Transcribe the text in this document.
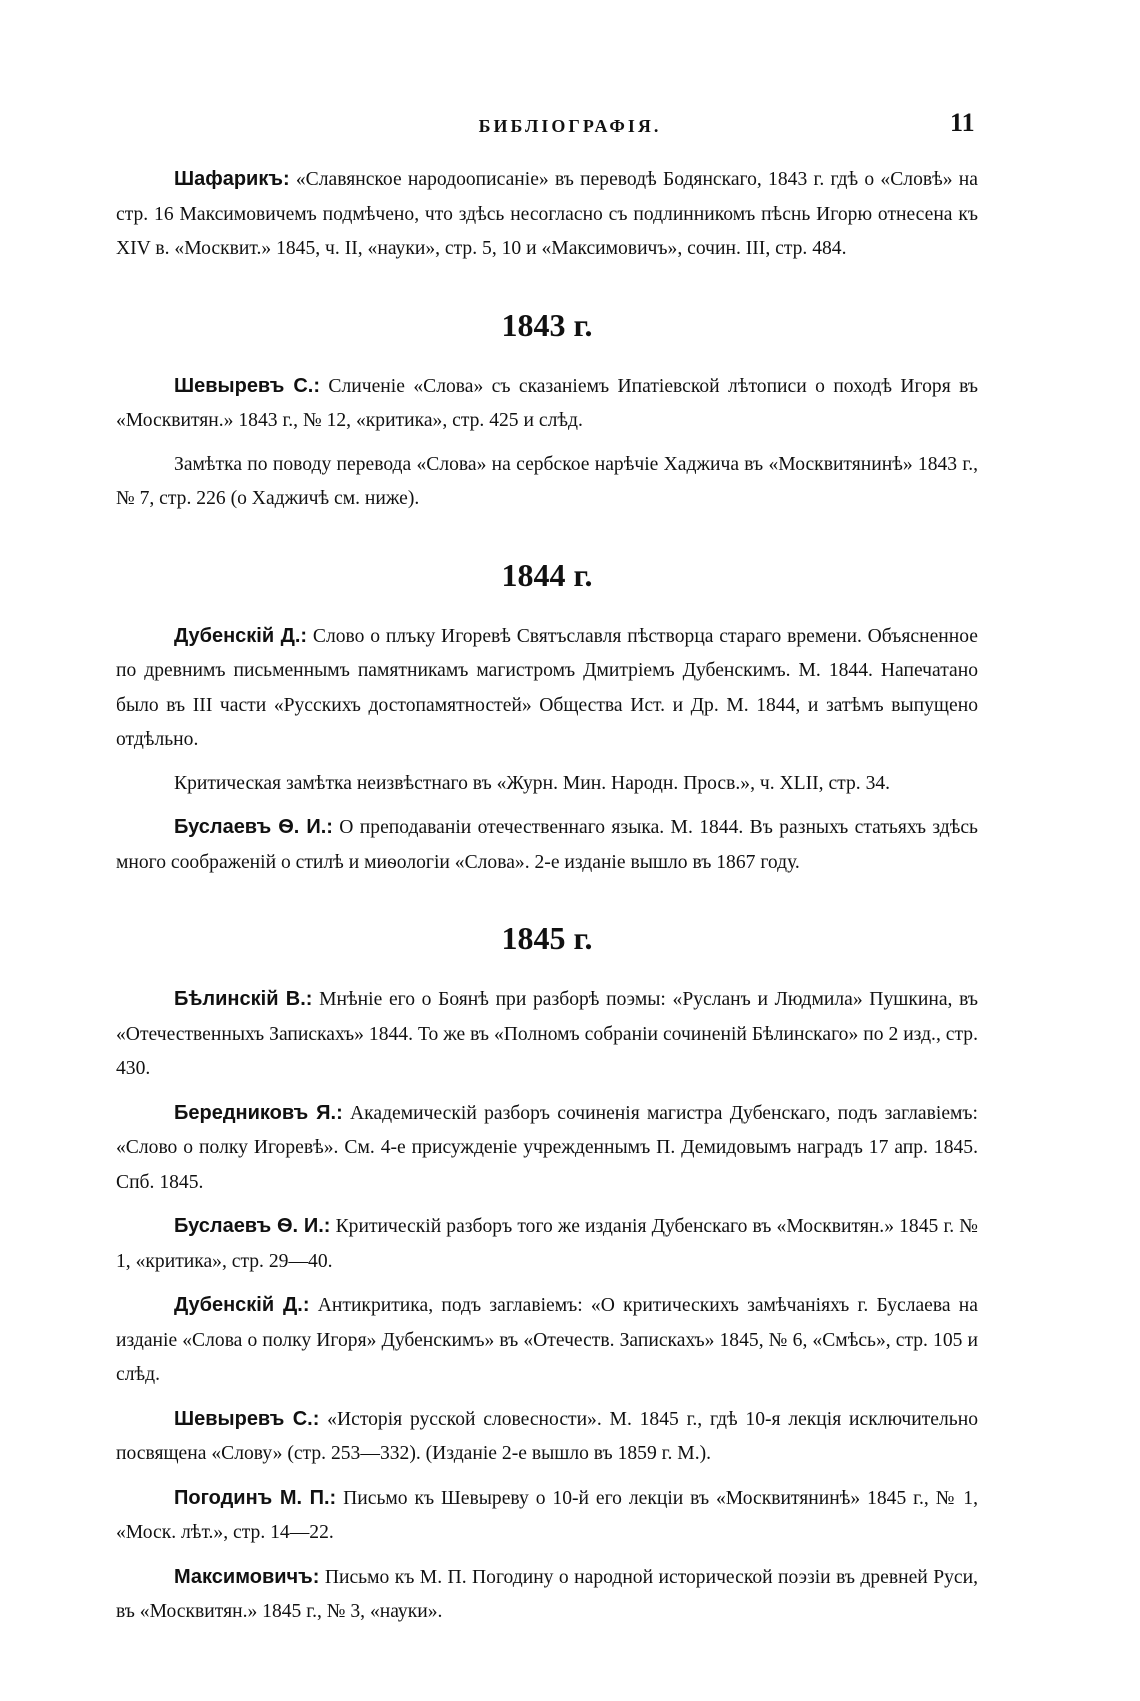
БИБЛIОГРАФIЯ.	11

Шафарикъ: «Славянское народоописанiе» въ переводѣ Бодянскаго, 1843 г. гдѣ о «Словѣ» на стр. 16 Максимовичемъ подмѣчено, что здѣсь несогласно съ подлинникомъ пѣснь Игорю отнесена къ XIV в. «Москвит.» 1845, ч. II, «науки», стр. 5, 10 и «Максимовичъ», сочин. III, стр. 484.

1843 г.

Шевыревъ С.: Сличенiе «Слова» съ сказанiемъ Ипатiевской лѣтописи о походѣ Игоря въ «Москвитян.» 1843 г., № 12, «критика», стр. 425 и слѣд.

Замѣтка по поводу перевода «Слова» на сербское нарѣчiе Хаджича въ «Москвитянинѣ» 1843 г., № 7, стр. 226 (о Хаджичѣ см. ниже).

1844 г.

Дубенскiй Д.: Слово о плъку Игоревѣ Святъславля пѣстворца стараго времени. Объясненное по древнимъ письменнымъ памятникамъ магистромъ Дмитрiемъ Дубенскимъ. М. 1844. Напечатано было въ III части «Русскихъ достопамятностей» Общества Ист. и Др. М. 1844, и затѣмъ выпущено отдѣльно.

Критическая замѣтка неизвѣстнаго въ «Журн. Мин. Народн. Просв.», ч. XLII, стр. 34.

Буслаевъ Ѳ. И.: О преподаванiи отечественнаго языка. М. 1844. Въ разныхъ статьяхъ здѣсь много соображенiй о стилѣ и миѳологiи «Слова». 2-е изданiе вышло въ 1867 году.

1845 г.

Бѣлинскiй В.: Мнѣнiе его о Боянѣ при разборѣ поэмы: «Русланъ и Людмила» Пушкина, въ «Отечественныхъ Запискахъ» 1844. То же въ «Полномъ собранiи сочиненiй Бѣлинскаго» по 2 изд., стр. 430.

Бередниковъ Я.: Академическiй разборъ сочиненiя магистра Дубенскаго, подъ заглавiемъ: «Слово о полку Игоревѣ». См. 4-е присужденiе учрежденнымъ П. Демидовымъ наградъ 17 апр. 1845. Спб. 1845.

Буслаевъ Ѳ. И.: Критическiй разборъ того же изданiя Дубенскаго въ «Москвитян.» 1845 г. № 1, «критика», стр. 29—40.

Дубенскiй Д.: Антикритика, подъ заглавiемъ: «О критическихъ замѣчанiяхъ г. Буслаева на изданiе «Слова о полку Игоря» Дубенскимъ» въ «Отечеств. Запискахъ» 1845, № 6, «Смѣсь», стр. 105 и слѣд.

Шевыревъ С.: «Исторiя русской словесности». М. 1845 г., гдѣ 10-я лекцiя исключительно посвящена «Слову» (стр. 253—332). (Изданiе 2-е вышло въ 1859 г. М.).

Погодинъ М. П.: Письмо къ Шевыреву о 10-й его лекцiи въ «Москвитянинѣ» 1845 г., № 1, «Моск. лѣт.», стр. 14—22.

Максимовичъ: Письмо къ М. П. Погодину о народной исторической поэзiи въ древней Руси, въ «Москвитян.» 1845 г., № 3, «науки».
